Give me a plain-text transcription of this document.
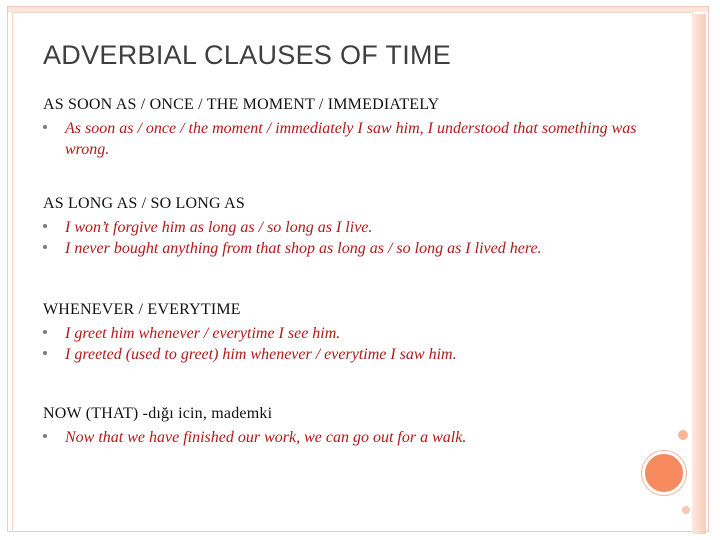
ADVERBIAL CLAUSES OF TIME
AS SOON AS / ONCE / THE MOMENT / IMMEDIATELY
As soon as / once / the moment / immediately I saw him, I understood that something was wrong.
AS LONG AS / SO LONG AS
I won’t forgive him as long as / so long as I live.
I never bought anything from that shop as long as / so long as I lived here.
WHENEVER / EVERYTIME
I greet him whenever / everytime I see him.
I greeted (used to greet) him whenever / everytime I saw him.
NOW (THAT) -dığı icin, mademki
Now that we have finished our work, we can go out for a walk.
